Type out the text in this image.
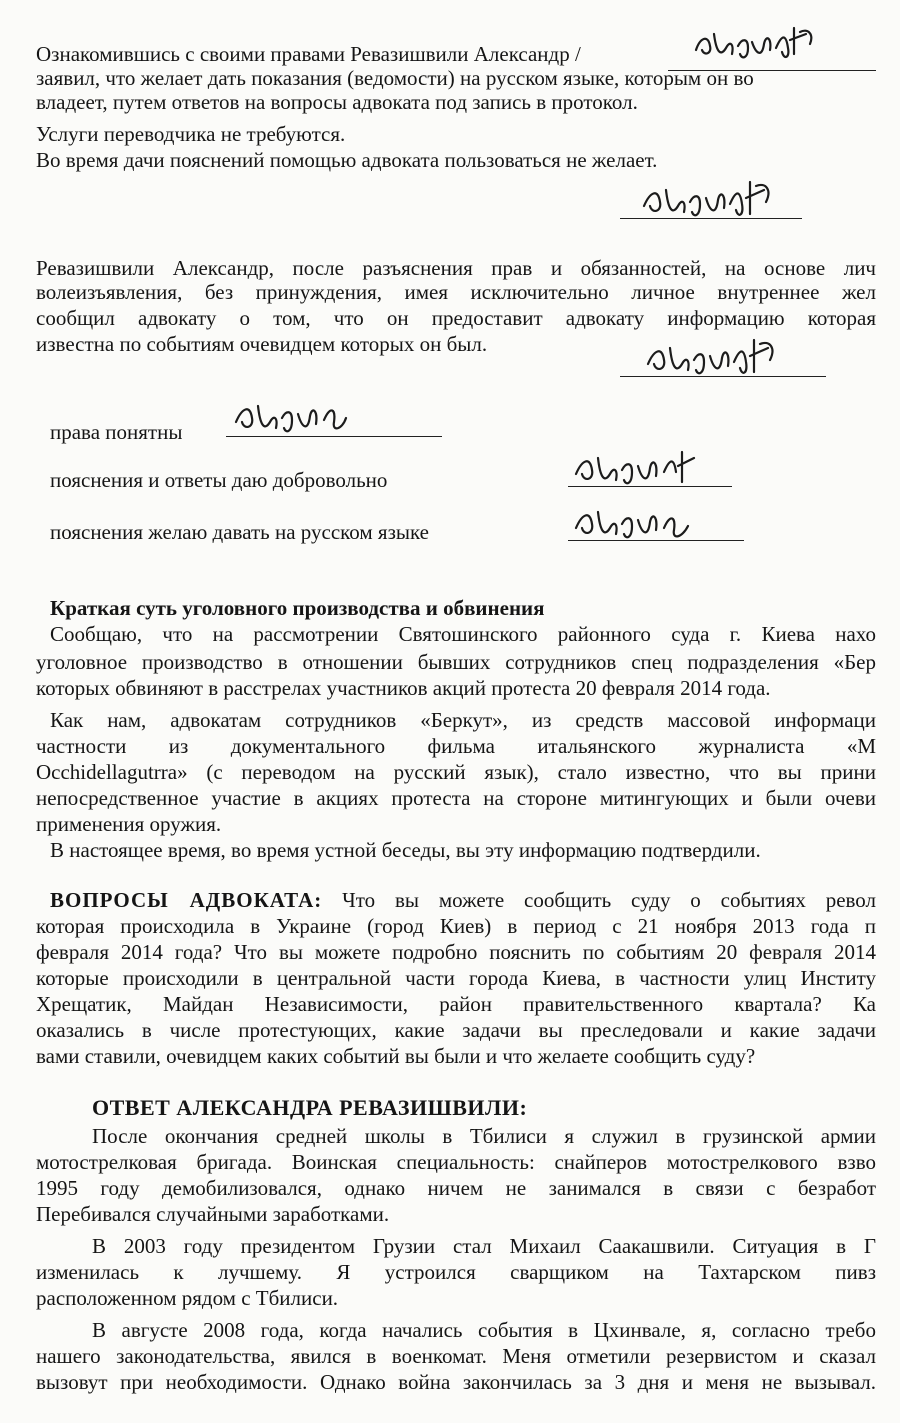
Ознакомившись с своими правами Ревазишвили Александр /
заявил, что желает дать показания (ведомости) на русском языке, которым он во
владеет, путем ответов на вопросы адвоката под запись в протокол.
Услуги переводчика не требуются.
Во время дачи пояснений помощью адвоката пользоваться не желает.
Ревазишвили Александр, после разъяснения прав и обязанностей, на основе лич
волеизъявления, без принуждения, имея исключительно личное внутреннее жел
сообщил адвокату о том, что он предоставит адвокату информацию которая
известна по событиям очевидцем которых он был.
права понятны
пояснения и ответы даю добровольно
пояснения желаю давать на русском языке
Краткая суть уголовного производства и обвинения
Сообщаю, что на рассмотрении Святошинского районного суда г. Киева нахо
уголовное производство в отношении бывших сотрудников спец подразделения «Бер
которых обвиняют в расстрелах участников акций протеста 20 февраля 2014 года.
Как нам, адвокатам сотрудников «Беркут», из средств массовой информаци
частности из документального фильма итальянского журналиста «М
Occhidellagutrra» (с переводом на русский язык), стало известно, что вы прини
непосредственное участие в акциях протеста на стороне митингующих и были очеви
применения оружия.
В настоящее время, во время устной беседы, вы эту информацию подтвердили.
ВОПРОСЫ АДВОКАТА: Что вы можете сообщить суду о событиях револ
которая происходила в Украине (город Киев) в период с 21 ноября 2013 года п
февраля 2014 года? Что вы можете подробно пояснить по событиям 20 февраля 2014
которые происходили в центральной части города Киева, в частности улиц Институ
Хрещатик, Майдан Независимости, район правительственного квартала? Ка
оказались в числе протестующих, какие задачи вы преследовали и какие задачи
вами ставили, очевидцем каких событий вы были и что желаете сообщить суду?
ОТВЕТ АЛЕКСАНДРА РЕВАЗИШВИЛИ:
После окончания средней школы в Тбилиси я служил в грузинской армии
мотострелковая бригада. Воинская специальность: снайперов мотострелкового взво
1995 году демобилизовался, однако ничем не занимался в связи с безработ
Перебивался случайными заработками.
В 2003 году президентом Грузии стал Михаил Саакашвили. Ситуация в Г
изменилась к лучшему. Я устроился сварщиком на Тахтарском пивз
расположенном рядом с Тбилиси.
В августе 2008 года, когда начались события в Цхинвале, я, согласно требо
нашего законодательства, явился в военкомат. Меня отметили резервистом и сказал
вызовут при необходимости. Однако война закончилась за 3 дня и меня не вызывал.
